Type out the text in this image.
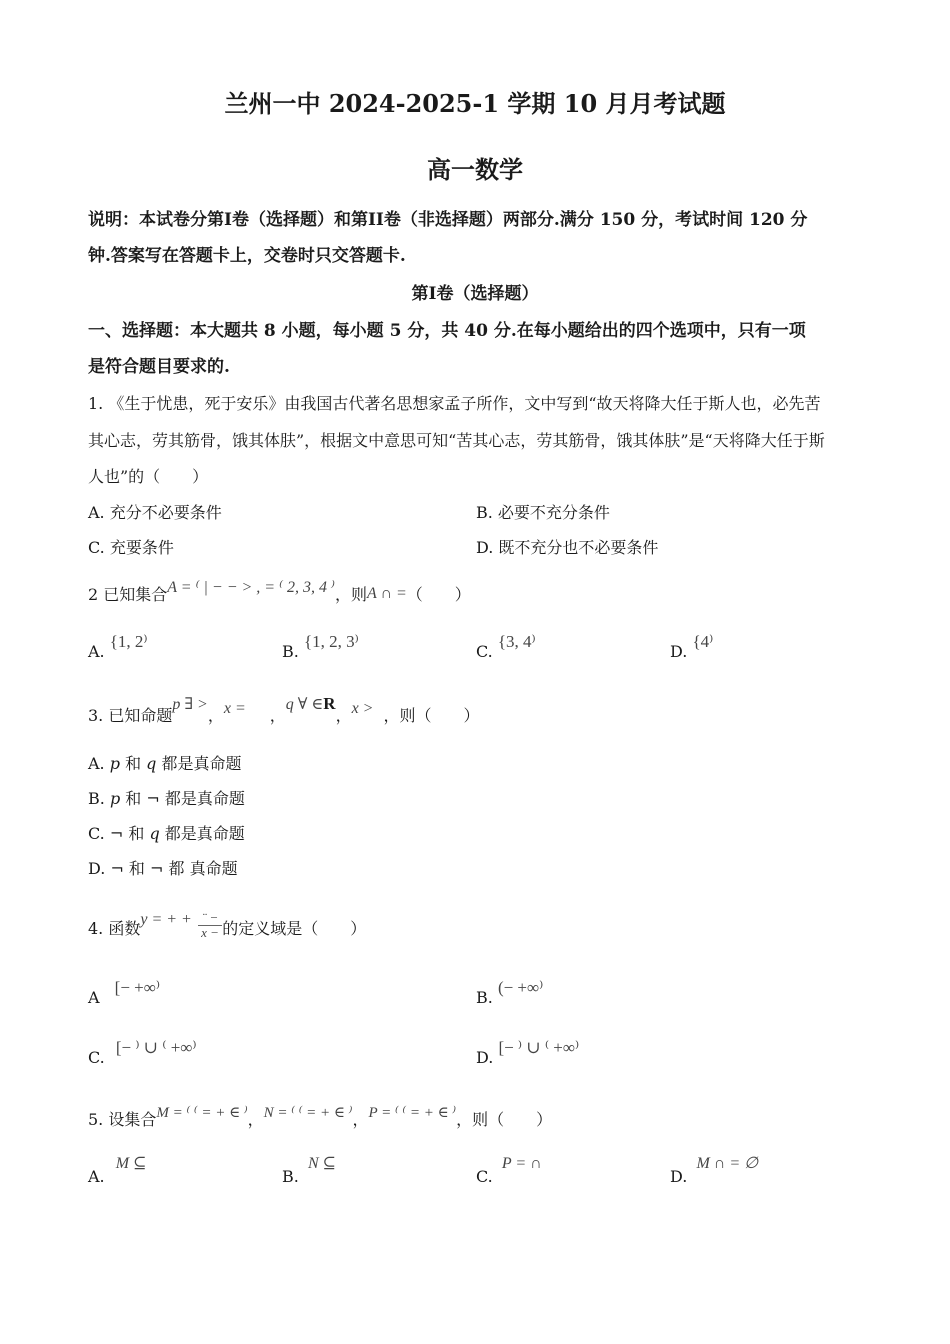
兰州一中 2024-2025-1 学期 10 月月考试题
高一数学
说明：本试卷分第I卷（选择题）和第II卷（非选择题）两部分.满分 150 分，考试时间 120 分
钟.答案写在答题卡上，交卷时只交答题卡.
第I卷（选择题）
一、选择题：本大题共 8 小题，每小题 5 分，共 40 分.在每小题给出的四个选项中，只有一项
是符合题目要求的.
1. 《生于忧患，死于安乐》由我国古代著名思想家孟子所作，文中写到“故天将降大任于斯人也，必先苦
其心志，劳其筋骨，饿其体肤”，根据文中意思可知“苦其心志，劳其筋骨，饿其体肤”是“天将降大任于斯
人也”的（　　）
A. 充分不必要条件	B. 必要不充分条件
C. 充要条件	D. 既不充分也不必要条件
2 已知集合A = ⁽ | − − > , = ⁽ 2, 3, 4 ⁾，则A ∩ =（　　）
A. {1, 2⁾
B. {1, 2, 3⁾
C. {3, 4⁾
D. {4⁾
3. 已知命题p ∃ >，x = ，q ∀ ∈R，x > ，则（　　）
A. p 和 q 都是真命题
B. p 和 ¬ 都是真命题
C. ¬ 和 q 都是真命题
D. ¬ 和 ¬ 都 真命题
4. 函数y = + + $\frac{¨ -}{x -}$ 的定义域是（　　）
A [− +∞⁾
B. (− +∞⁾
C. [− ⁾ ∪ ⁽ +∞⁾
D. [− ⁾ ∪ ⁽ +∞⁾
5. 设集合M = ⁽ ⁽ = + ∈ ⁾，N = ⁽ ⁽ = + ∈ ⁾，P = ⁽ ⁽ = + ∈ ⁾，则（　　）
A. M ⊆
B. N ⊆
C. P = ∩
D. M ∩ = ∅
